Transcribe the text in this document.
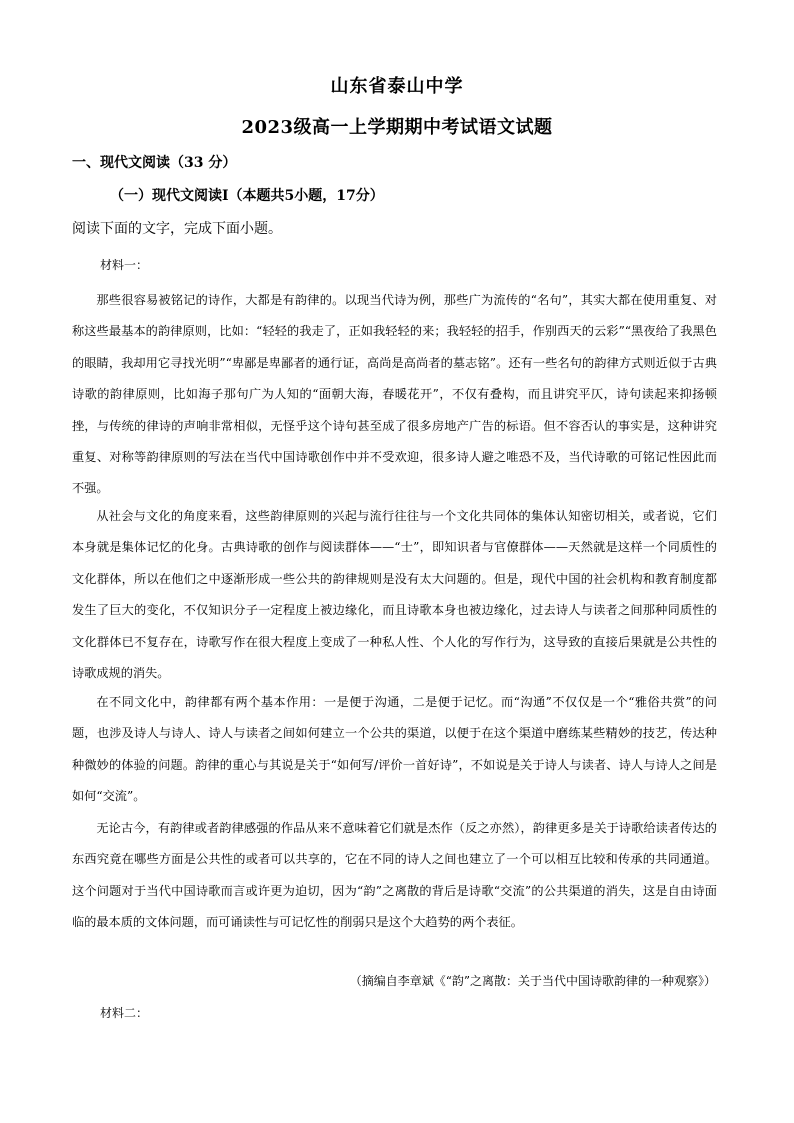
山东省泰山中学
2023级高一上学期期中考试语文试题
一、现代文阅读（33 分）
（一）现代文阅读Ⅰ（本题共5小题，17分）
阅读下面的文字，完成下面小题。
材料一：

那些很容易被铭记的诗作，大都是有韵律的。以现当代诗为例，那些广为流传的“名句”，其实大都在使用重复、对称这些最基本的韵律原则，比如：“轻轻的我走了，正如我轻轻的来；我轻轻的招手，作别西天的云彩”“黑夜给了我黑色的眼睛，我却用它寻找光明”“卑鄙是卑鄙者的通行证，高尚是高尚者的墓志铭”。还有一些名句的韵律方式则近似于古典诗歌的韵律原则，比如海子那句广为人知的“面朝大海，春暖花开”，不仅有叠构，而且讲究平仄，诗句读起来抑扬顿挫，与传统的律诗的声响非常相似，无怪乎这个诗句甚至成了很多房地产广告的标语。但不容否认的事实是，这种讲究重复、对称等韵律原则的写法在当代中国诗歌创作中并不受欢迎，很多诗人避之唯恐不及，当代诗歌的可铭记性因此而不强。

从社会与文化的角度来看，这些韵律原则的兴起与流行往往与一个文化共同体的集体认知密切相关，或者说，它们本身就是集体记忆的化身。古典诗歌的创作与阅读群体——“士”，即知识者与官僚群体——天然就是这样一个同质性的文化群体，所以在他们之中逐渐形成一些公共的韵律规则是没有太大问题的。但是，现代中国的社会机构和教育制度都发生了巨大的变化，不仅知识分子一定程度上被边缘化，而且诗歌本身也被边缘化，过去诗人与读者之间那种同质性的文化群体已不复存在，诗歌写作在很大程度上变成了一种私人性、个人化的写作行为，这导致的直接后果就是公共性的诗歌成规的消失。

在不同文化中，韵律都有两个基本作用：一是便于沟通，二是便于记忆。而“沟通”不仅仅是一个“雅俗共赏”的问题，也涉及诗人与诗人、诗人与读者之间如何建立一个公共的渠道，以便于在这个渠道中磨练某些精妙的技艺，传达种种微妙的体验的问题。韵律的重心与其说是关于“如何写/评价一首好诗”，不如说是关于诗人与读者、诗人与诗人之间是如何“交流”。

无论古今，有韵律或者韵律感强的作品从来不意味着它们就是杰作（反之亦然），韵律更多是关于诗歌给读者传达的东西究竟在哪些方面是公共性的或者可以共享的，它在不同的诗人之间也建立了一个可以相互比较和传承的共同通道。这个问题对于当代中国诗歌而言或许更为迫切，因为“韵”之离散的背后是诗歌“交流”的公共渠道的消失，这是自由诗面临的最本质的文体问题，而可诵读性与可记忆性的削弱只是这个大趋势的两个表征。

（摘编自李章斌《“韵”之离散：关于当代中国诗歌韵律的一种观察》）
材料二：
